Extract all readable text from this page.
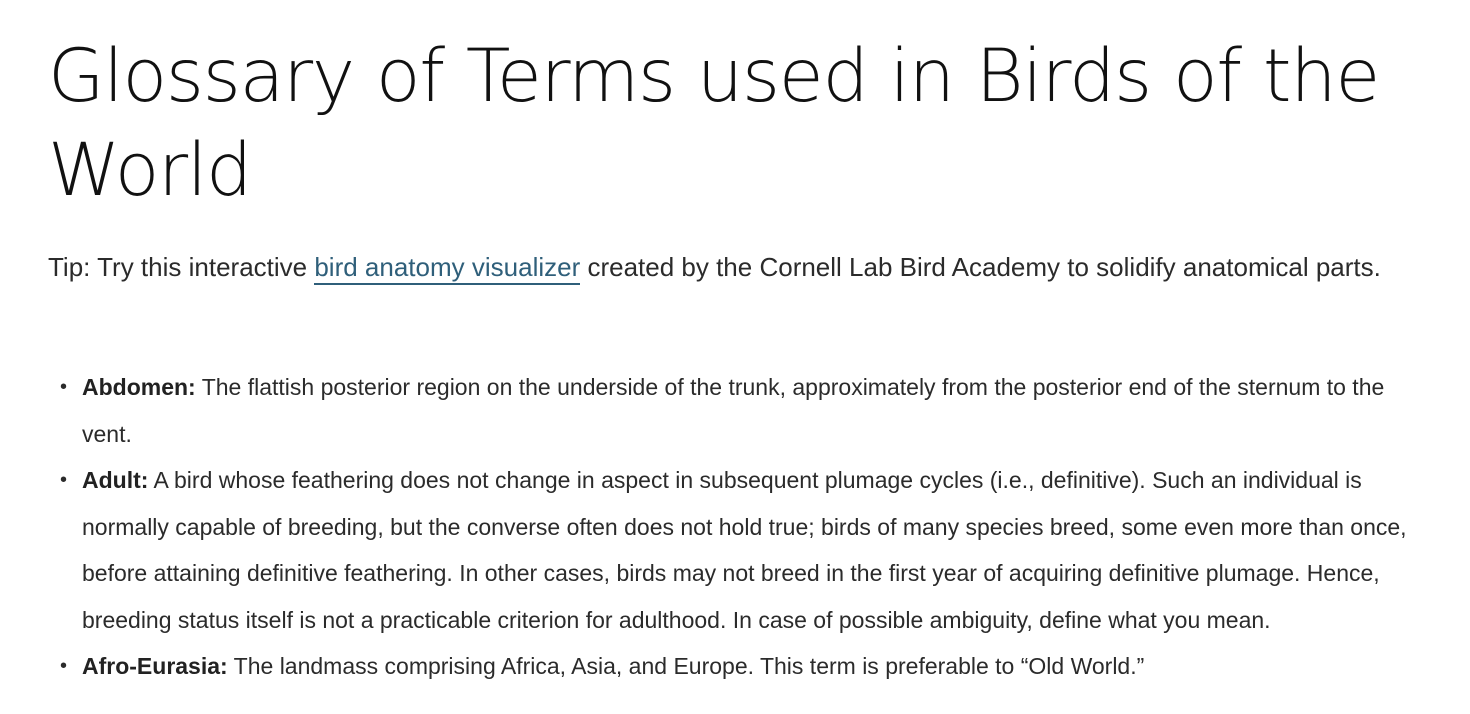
Glossary of Terms used in Birds of the World

Tip: Try this interactive bird anatomy visualizer created by the Cornell Lab Bird Academy to solidify anatomical parts.

• Abdomen: The flattish posterior region on the underside of the trunk, approximately from the posterior end of the sternum to the vent.
• Adult: A bird whose feathering does not change in aspect in subsequent plumage cycles (i.e., definitive). Such an individual is normally capable of breeding, but the converse often does not hold true; birds of many species breed, some even more than once, before attaining definitive feathering. In other cases, birds may not breed in the first year of acquiring definitive plumage. Hence, breeding status itself is not a practicable criterion for adulthood. In case of possible ambiguity, define what you mean.
• Afro-Eurasia: The landmass comprising Africa, Asia, and Europe. This term is preferable to “Old World.”
